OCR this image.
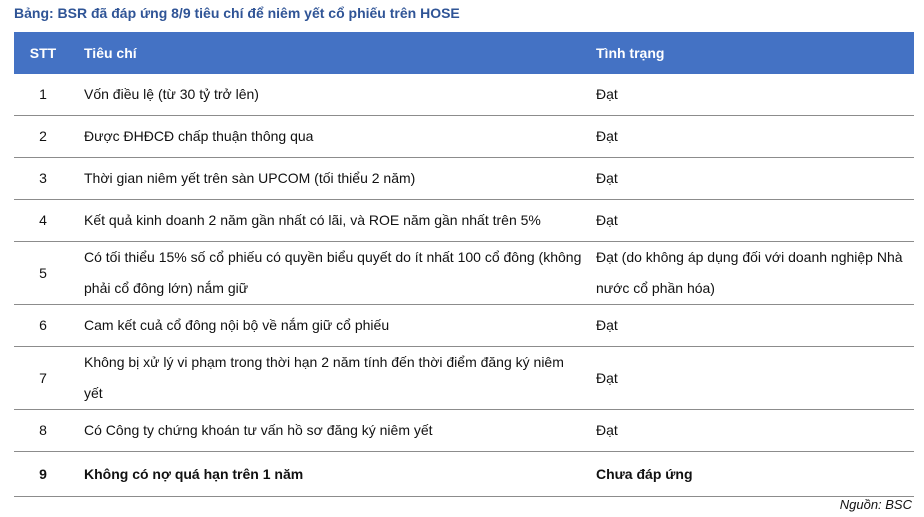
Bảng: BSR đã đáp ứng 8/9 tiêu chí để niêm yết cổ phiếu trên HOSE
STT	Tiêu chí	Tình trạng
1	Vốn điều lệ (từ 30 tỷ trở lên)	Đạt
2	Được ĐHĐCĐ chấp thuận thông qua	Đạt
3	Thời gian niêm yết trên sàn UPCOM (tối thiểu 2 năm)	Đạt
4	Kết quả kinh doanh 2 năm gần nhất có lãi, và ROE năm gần nhất trên 5%	Đạt
5	Có tối thiểu 15% số cổ phiếu có quyền biểu quyết do ít nhất 100 cổ đông (không phải cổ đông lớn) nắm giữ	Đạt (do không áp dụng đối với doanh nghiệp Nhà nước cổ phần hóa)
6	Cam kết cuả cổ đông nội bộ về nắm giữ cổ phiếu	Đạt
7	Không bị xử lý vi phạm trong thời hạn 2 năm tính đến thời điểm đăng ký niêm yết	Đạt
8	Có Công ty chứng khoán tư vấn hồ sơ đăng ký niêm yết	Đạt
9	Không có nợ quá hạn trên 1 năm	Chưa đáp ứng
Nguồn: BSC
